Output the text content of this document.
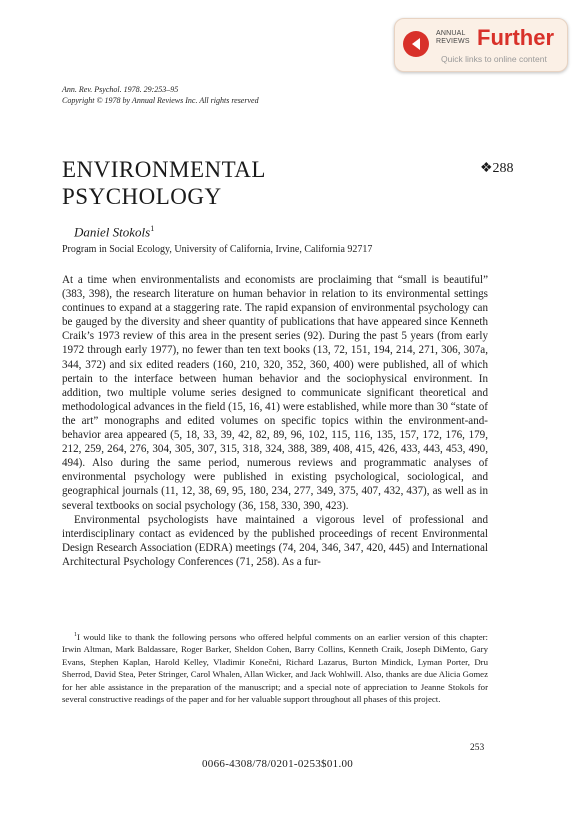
ANNUAL
REVIEWS Further
Quick links to online content
Ann. Rev. Psychol. 1978. 29:253–95
Copyright © 1978 by Annual Reviews Inc. All rights reserved
ENVIRONMENTAL
PSYCHOLOGY
❖288
Daniel Stokols$^1$
Program in Social Ecology, University of California, Irvine, California 92717

At a time when environmentalists and economists are proclaiming that “small is beautiful” (383, 398), the research literature on human behavior in relation to its environmental settings continues to expand at a staggering rate. The rapid expansion of environmental psychology can be gauged by the diversity and sheer quantity of publications that have appeared since Kenneth Craik’s 1973 review of this area in the present series (92). During the past 5 years (from early 1972 through early 1977), no fewer than ten text books (13, 72, 151, 194, 214, 271, 306, 307a, 344, 372) and six edited readers (160, 210, 320, 352, 360, 400) were published, all of which pertain to the interface between human behavior and the sociophysical environment. In addition, two multiple volume series designed to communicate significant theoretical and methodological advances in the field (15, 16, 41) were established, while more than 30 “state of the art” monographs and edited volumes on specific topics within the environment-and-behavior area appeared (5, 18, 33, 39, 42, 82, 89, 96, 102, 115, 116, 135, 157, 172, 176, 179, 212, 259, 264, 276, 304, 305, 307, 315, 318, 324, 388, 389, 408, 415, 426, 433, 443, 453, 490, 494). Also during the same period, numerous reviews and programmatic analyses of environmental psychology were published in existing psychological, sociological, and geographical journals (11, 12, 38, 69, 95, 180, 234, 277, 349, 375, 407, 432, 437), as well as in several textbooks on social psychology (36, 158, 330, 390, 423).

Environmental psychologists have maintained a vigorous level of professional and interdisciplinary contact as evidenced by the published proceedings of recent Environmental Design Research Association (EDRA) meetings (74, 204, 346, 347, 420, 445) and International Architectural Psychology Conferences (71, 258). As a fur-

$^1$I would like to thank the following persons who offered helpful comments on an earlier version of this chapter: Irwin Altman, Mark Baldassare, Roger Barker, Sheldon Cohen, Barry Collins, Kenneth Craik, Joseph DiMento, Gary Evans, Stephen Kaplan, Harold Kelley, Vladimir Konečni, Richard Lazarus, Burton Mindick, Lyman Porter, Dru Sherrod, David Stea, Peter Stringer, Carol Whalen, Allan Wicker, and Jack Wohlwill. Also, thanks are due Alicia Gomez for her able assistance in the preparation of the manuscript; and a special note of appreciation to Jeanne Stokols for several constructive readings of the paper and for her valuable support throughout all phases of this project.

253
0066-4308/78/0201-0253$01.00
